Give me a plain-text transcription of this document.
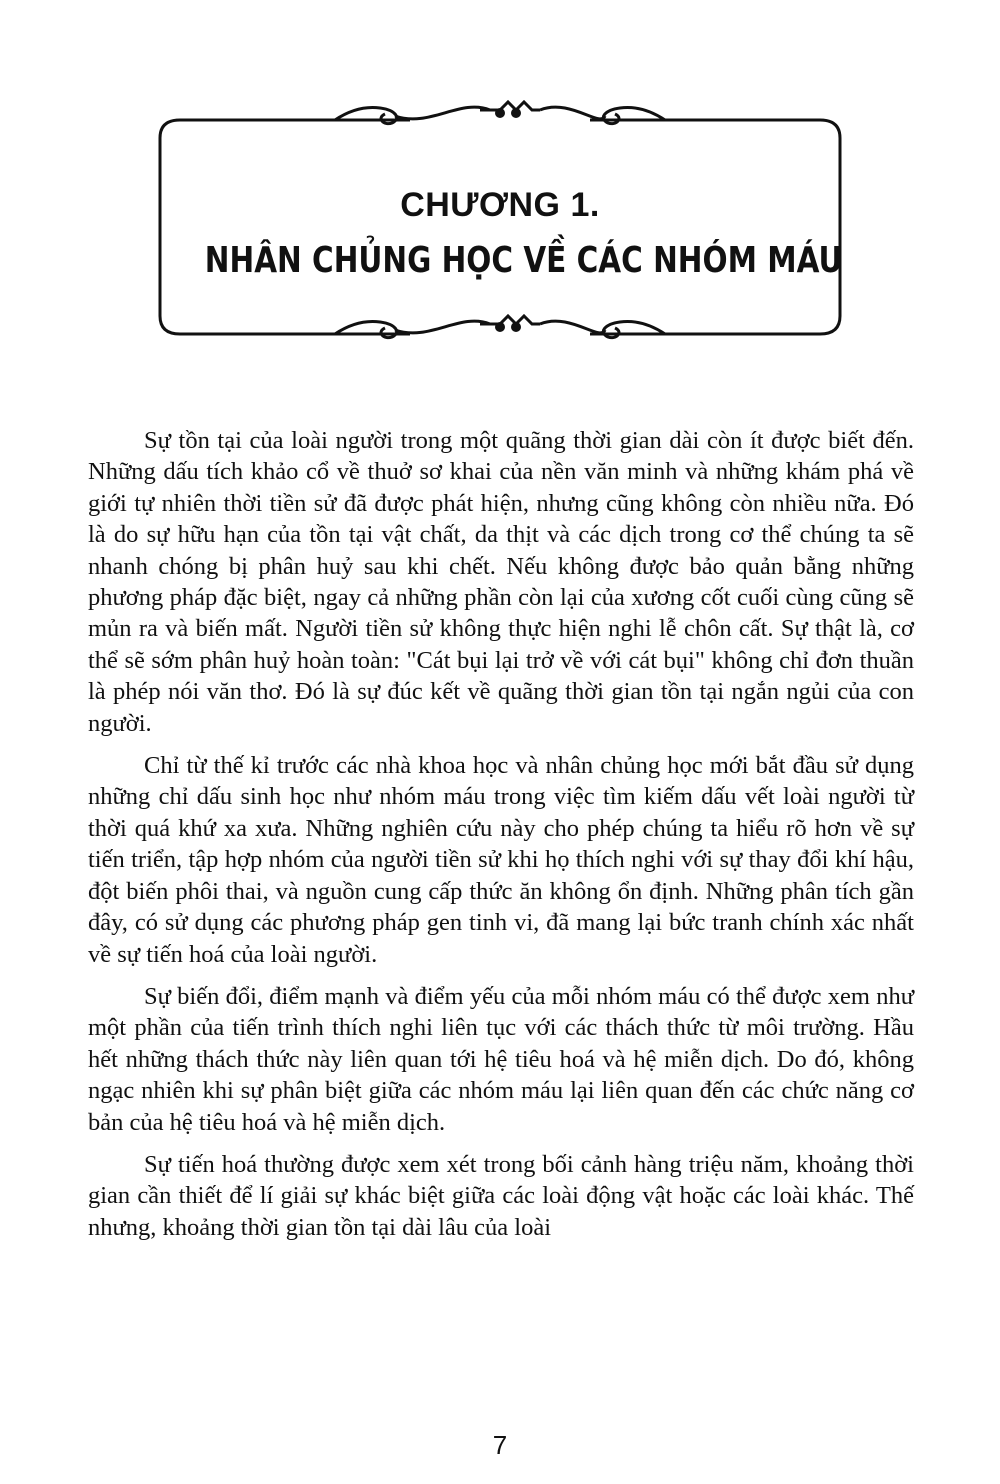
CHƯƠNG 1.
NHÂN CHỦNG HỌC VỀ CÁC NHÓM MÁU

Sự tồn tại của loài người trong một quãng thời gian dài còn ít được biết đến. Những dấu tích khảo cổ về thuở sơ khai của nền văn minh và những khám phá về giới tự nhiên thời tiền sử đã được phát hiện, nhưng cũng không còn nhiều nữa. Đó là do sự hữu hạn của tồn tại vật chất, da thịt và các dịch trong cơ thể chúng ta sẽ nhanh chóng bị phân huỷ sau khi chết. Nếu không được bảo quản bằng những phương pháp đặc biệt, ngay cả những phần còn lại của xương cốt cuối cùng cũng sẽ mủn ra và biến mất. Người tiền sử không thực hiện nghi lễ chôn cất. Sự thật là, cơ thể sẽ sớm phân huỷ hoàn toàn: "Cát bụi lại trở về với cát bụi" không chỉ đơn thuần là phép nói văn thơ. Đó là sự đúc kết về quãng thời gian tồn tại ngắn ngủi của con người.

Chỉ từ thế kỉ trước các nhà khoa học và nhân chủng học mới bắt đầu sử dụng những chỉ dấu sinh học như nhóm máu trong việc tìm kiếm dấu vết loài người từ thời quá khứ xa xưa. Những nghiên cứu này cho phép chúng ta hiểu rõ hơn về sự tiến triển, tập hợp nhóm của người tiền sử khi họ thích nghi với sự thay đổi khí hậu, đột biến phôi thai, và nguồn cung cấp thức ăn không ổn định. Những phân tích gần đây, có sử dụng các phương pháp gen tinh vi, đã mang lại bức tranh chính xác nhất về sự tiến hoá của loài người.

Sự biến đổi, điểm mạnh và điểm yếu của mỗi nhóm máu có thể được xem như một phần của tiến trình thích nghi liên tục với các thách thức từ môi trường. Hầu hết những thách thức này liên quan tới hệ tiêu hoá và hệ miễn dịch. Do đó, không ngạc nhiên khi sự phân biệt giữa các nhóm máu lại liên quan đến các chức năng cơ bản của hệ tiêu hoá và hệ miễn dịch.

Sự tiến hoá thường được xem xét trong bối cảnh hàng triệu năm, khoảng thời gian cần thiết để lí giải sự khác biệt giữa các loài động vật hoặc các loài khác. Thế nhưng, khoảng thời gian tồn tại dài lâu của loài

7
